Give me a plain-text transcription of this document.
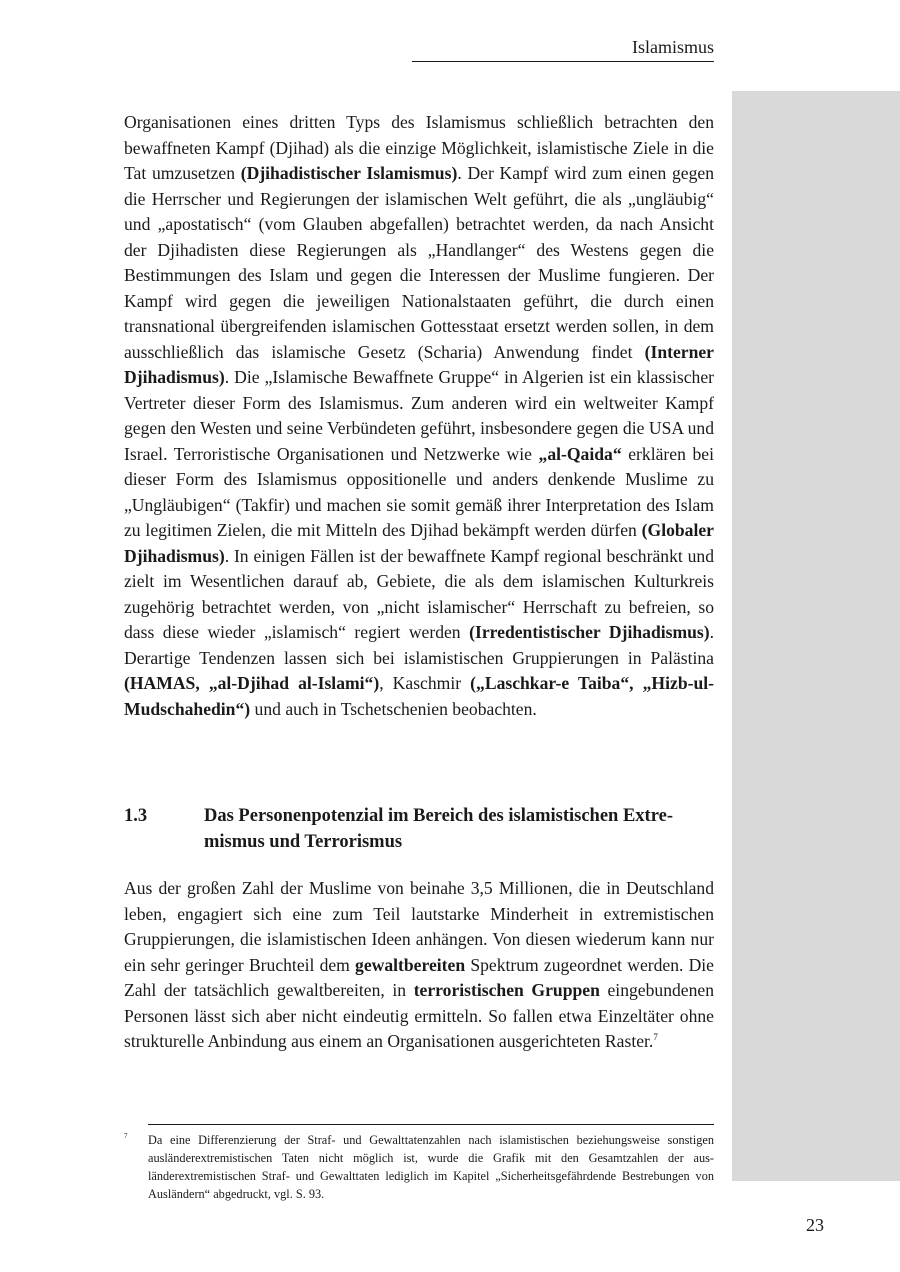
Islamismus

Organisationen eines dritten Typs des Islamismus schließlich betrachten den bewaffneten Kampf (Djihad) als die einzige Möglichkeit, islamistische Ziele in die Tat umzusetzen (Djihadistischer Islamismus). Der Kampf wird zum einen gegen die Herrscher und Regierungen der islamischen Welt geführt, die als „ungläubig“ und „apostatisch“ (vom Glauben abgefallen) betrachtet werden, da nach Ansicht der Djihadisten diese Regierungen als „Handlanger“ des Westens gegen die Bestimmungen des Islam und gegen die Interessen der Muslime fungieren. Der Kampf wird gegen die jeweiligen Nationalstaaten geführt, die durch einen transnational übergreifenden islamischen Gottesstaat ersetzt werden sollen, in dem ausschließlich das islamische Gesetz (Scharia) Anwendung findet (Interner Djihadismus). Die „Islamische Bewaffnete Gruppe“ in Algerien ist ein klassischer Vertreter dieser Form des Islamismus. Zum anderen wird ein weltweiter Kampf gegen den Westen und seine Verbündeten geführt, insbesondere gegen die USA und Israel. Terroristische Organisationen und Netzwerke wie „al-Qaida“ erklären bei dieser Form des Islamismus oppositionelle und anders denkende Muslime zu „Ungläubigen“ (Takfir) und machen sie somit gemäß ihrer Interpretation des Islam zu legitimen Zielen, die mit Mitteln des Djihad bekämpft werden dürfen (Globaler Djihadismus). In einigen Fällen ist der bewaffnete Kampf regional beschränkt und zielt im Wesentlichen darauf ab, Gebiete, die als dem islamischen Kulturkreis zugehörig betrachtet werden, von „nicht islamischer“ Herrschaft zu befreien, so dass diese wieder „islamisch“ regiert werden (Irredentistischer Djihadismus). Derartige Tendenzen lassen sich bei islamistischen Gruppierungen in Palästina (HAMAS, „al-Djihad al-Islami“), Kaschmir („Laschkar-e Taiba“, „Hizb-ul-Mudschahedin“) und auch in Tschetschenien beobachten.

1.3	Das Personenpotenzial im Bereich des islamistischen Extremismus und Terrorismus

Aus der großen Zahl der Muslime von beinahe 3,5 Millionen, die in Deutschland leben, engagiert sich eine zum Teil lautstarke Minderheit in extremistischen Gruppierungen, die islamistischen Ideen anhängen. Von diesen wiederum kann nur ein sehr geringer Bruchteil dem gewaltbereiten Spektrum zugeordnet werden. Die Zahl der tatsächlich gewaltbereiten, in terroristischen Gruppen eingebundenen Personen lässt sich aber nicht eindeutig ermitteln. So fallen etwa Einzeltäter ohne strukturelle Anbindung aus einem an Organisationen ausgerichteten Raster.$^7$

7 Da eine Differenzierung der Straf- und Gewalttatenzahlen nach islamistischen beziehungsweise sonstigen ausländerextremistischen Taten nicht möglich ist, wurde die Grafik mit den Gesamtzahlen der ausländerextremistischen Straf- und Gewalttaten lediglich im Kapitel „Sicherheitsgefährdende Bestrebungen von Ausländern“ abgedruckt, vgl. S. 93.
23
